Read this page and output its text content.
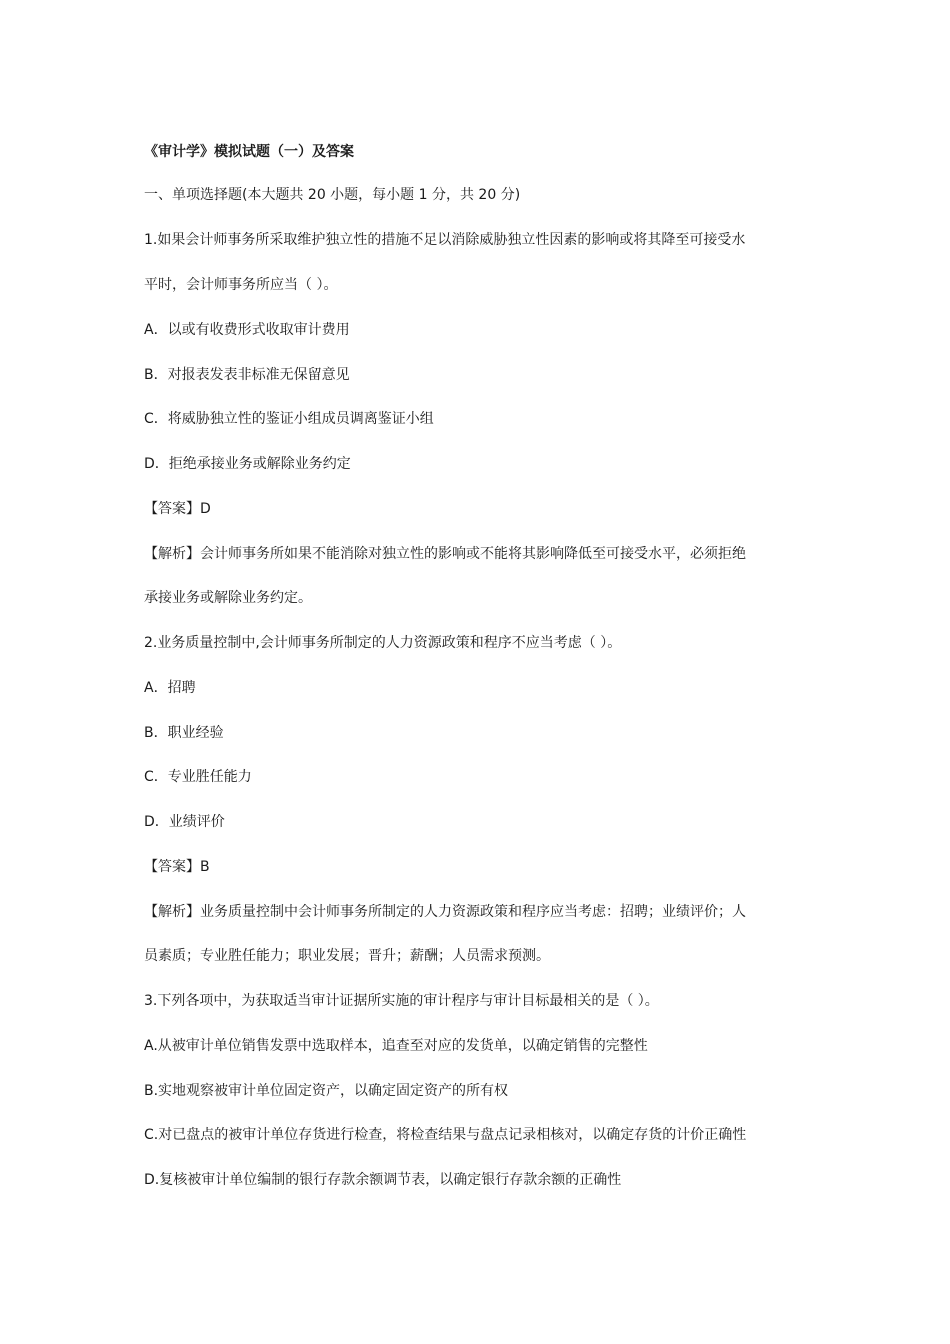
《审计学》模拟试题（一）及答案
一、单项选择题(本大题共 20 小题，每小题 1 分，共 20 分)
1.如果会计师事务所采取维护独立性的措施不足以消除威胁独立性因素的影响或将其降至可接受水
平时，会计师事务所应当（ ）。
A．以或有收费形式收取审计费用
B．对报表发表非标准无保留意见
C．将威胁独立性的鉴证小组成员调离鉴证小组
D．拒绝承接业务或解除业务约定
【答案】D
【解析】会计师事务所如果不能消除对独立性的影响或不能将其影响降低至可接受水平，必须拒绝
承接业务或解除业务约定。
2.业务质量控制中,会计师事务所制定的人力资源政策和程序不应当考虑（ ）。
A．招聘
B．职业经验
C．专业胜任能力
D．业绩评价
【答案】B
【解析】业务质量控制中会计师事务所制定的人力资源政策和程序应当考虑：招聘；业绩评价；人
员素质；专业胜任能力；职业发展；晋升；薪酬；人员需求预测。
3.下列各项中，为获取适当审计证据所实施的审计程序与审计目标最相关的是（ ）。
A.从被审计单位销售发票中选取样本，追查至对应的发货单，以确定销售的完整性
B.实地观察被审计单位固定资产，以确定固定资产的所有权
C.对已盘点的被审计单位存货进行检查，将检查结果与盘点记录相核对，以确定存货的计价正确性
D.复核被审计单位编制的银行存款余额调节表，以确定银行存款余额的正确性
